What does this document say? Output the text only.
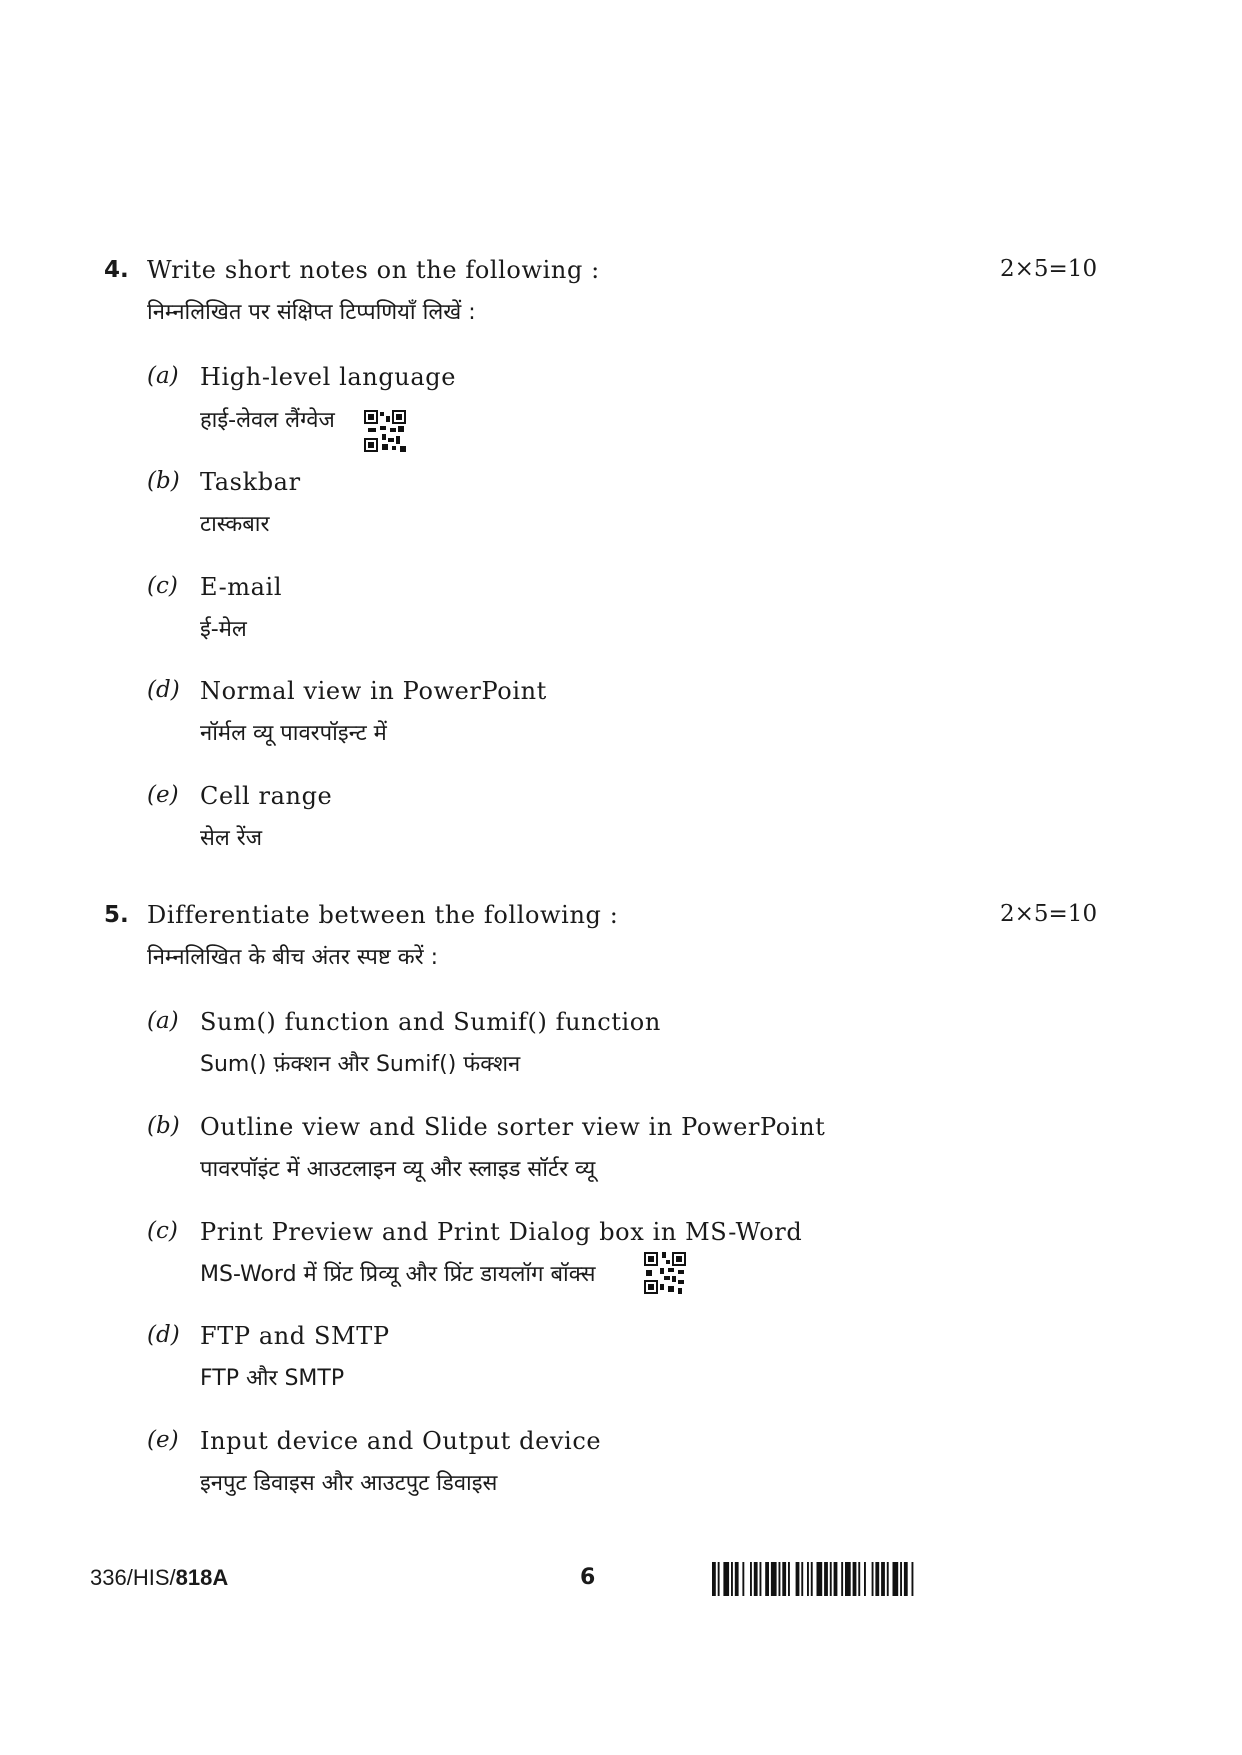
4. Write short notes on the following :	2×5=10
निम्नलिखित पर संक्षिप्त टिप्पणियाँ लिखें :
(a) High-level language
हाई-लेवल लैंग्वेज
(b) Taskbar
टास्कबार
(c) E-mail
ई-मेल
(d) Normal view in PowerPoint
नॉर्मल व्यू पावरपॉइन्ट में
(e) Cell range
सेल रेंज
5. Differentiate between the following :	2×5=10
निम्नलिखित के बीच अंतर स्पष्ट करें :
(a) Sum() function and Sumif() function
Sum() फ़ंक्शन और Sumif() फंक्शन
(b) Outline view and Slide sorter view in PowerPoint
पावरपॉइंट में आउटलाइन व्यू और स्लाइड सॉर्टर व्यू
(c) Print Preview and Print Dialog box in MS-Word
MS-Word में प्रिंट प्रिव्यू और प्रिंट डायलॉग बॉक्स
(d) FTP and SMTP
FTP और SMTP
(e) Input device and Output device
इनपुट डिवाइस और आउटपुट डिवाइस
336/HIS/818A	6
